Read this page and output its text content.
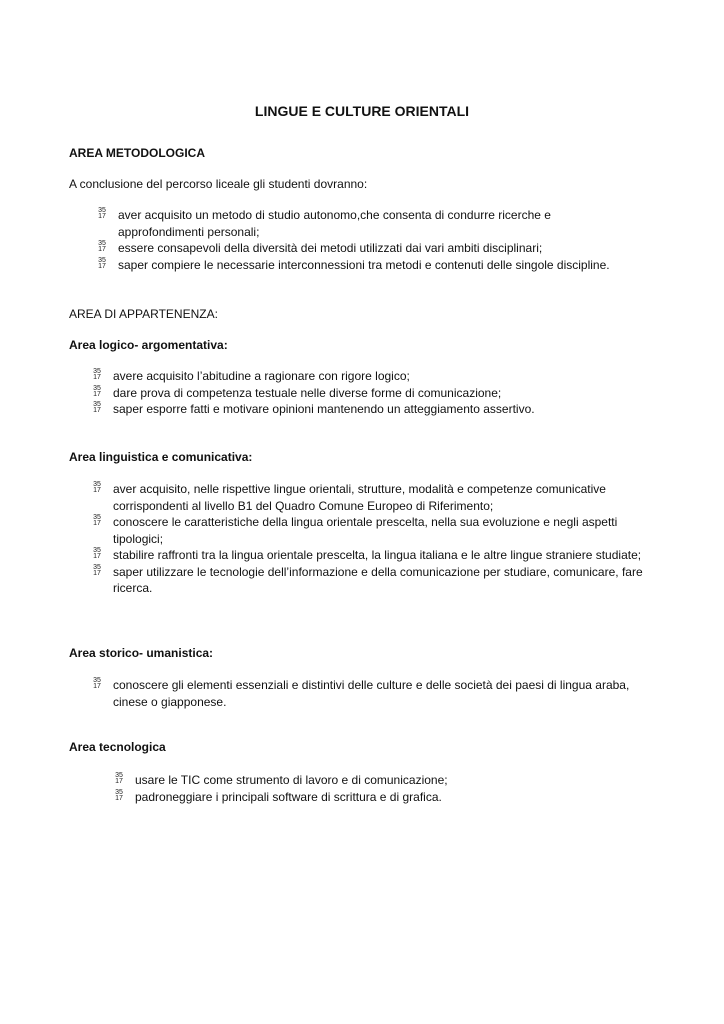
LINGUE E CULTURE ORIENTALI
AREA METODOLOGICA
A conclusione del percorso liceale gli studenti dovranno:
35
17 aver acquisito un metodo di studio autonomo,che consenta di condurre ricerche e approfondimenti personali;
35
17 essere consapevoli della diversità dei metodi utilizzati dai vari ambiti disciplinari;
35
17 saper compiere le necessarie interconnessioni tra metodi e contenuti delle singole discipline.
AREA DI APPARTENENZA:
Area logico- argomentativa:
35
17 avere acquisito l’abitudine a ragionare con rigore logico;
35
17 dare prova di competenza testuale nelle diverse forme di comunicazione;
35
17 saper esporre fatti e motivare opinioni mantenendo un atteggiamento assertivo.
Area linguistica e comunicativa:
35
17 aver acquisito, nelle rispettive lingue orientali, strutture, modalità e competenze comunicative corrispondenti al livello B1 del Quadro Comune Europeo di Riferimento;
35
17 conoscere le caratteristiche della lingua orientale prescelta, nella sua evoluzione e negli aspetti tipologici;
35
17 stabilire raffronti tra la lingua orientale prescelta, la lingua italiana e le altre lingue straniere studiate;
35
17 saper utilizzare le tecnologie dell’informazione e della comunicazione per studiare, comunicare, fare ricerca.
Area storico- umanistica:
35
17 conoscere gli elementi essenziali e distintivi delle culture e delle società dei paesi di lingua araba, cinese o giapponese.
Area tecnologica
35
17 usare le TIC come strumento di lavoro e di comunicazione;
35
17 padroneggiare i principali software di scrittura e di grafica.
